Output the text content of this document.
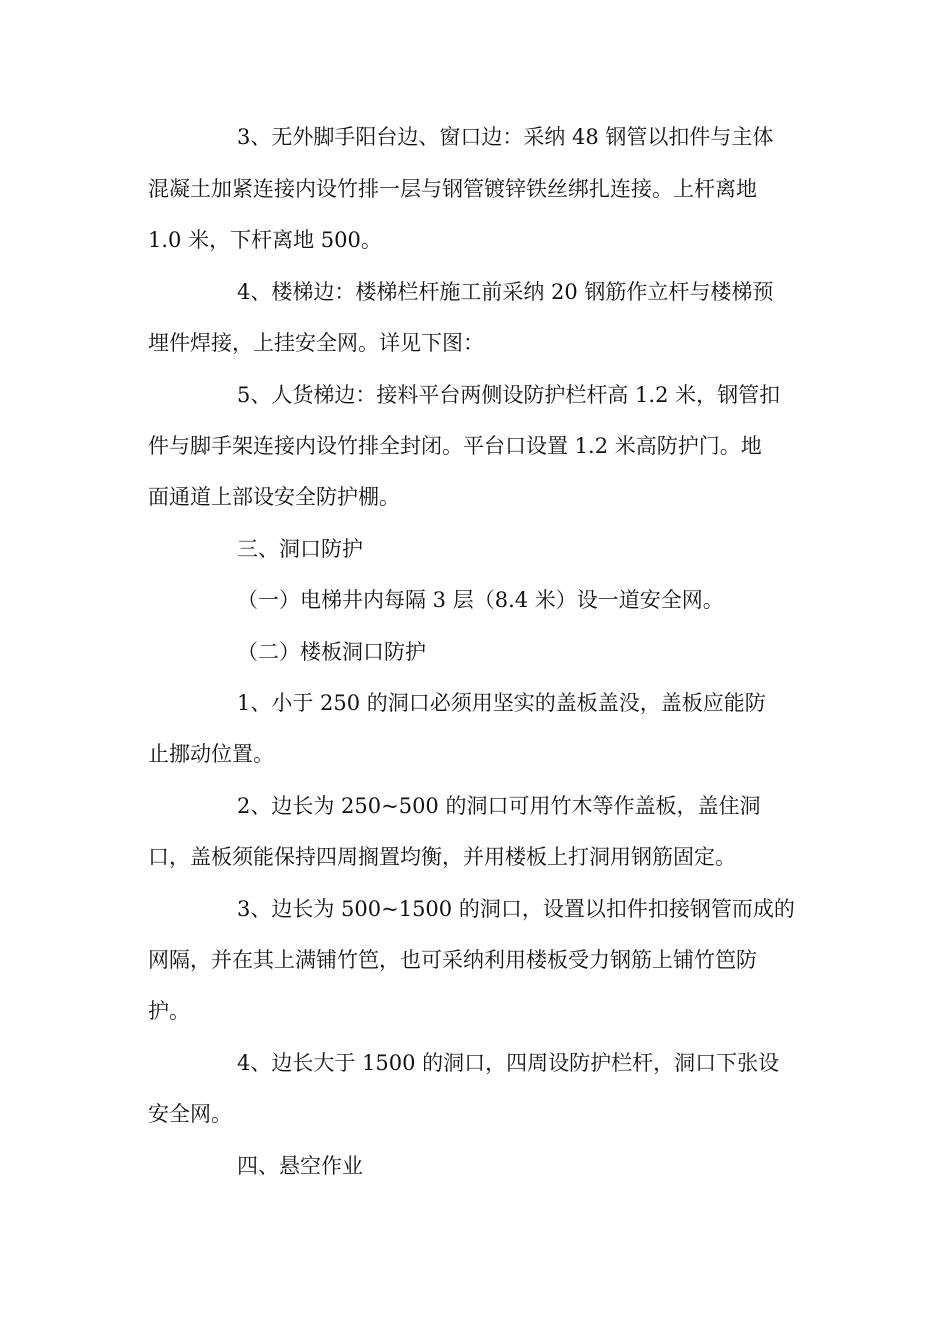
3、无外脚手阳台边、窗口边：采纳 48 钢管以扣件与主体
混凝土加紧连接内设竹排一层与钢管镀锌铁丝绑扎连接。上杆离地
1.0 米，下杆离地 500。
4、楼梯边：楼梯栏杆施工前采纳 20 钢筋作立杆与楼梯预
埋件焊接，上挂安全网。详见下图：
5、人货梯边：接料平台两侧设防护栏杆高 1.2 米，钢管扣
件与脚手架连接内设竹排全封闭。平台口设置 1.2 米高防护门。地
面通道上部设安全防护棚。
三、洞口防护
（一）电梯井内每隔 3 层（8.4 米）设一道安全网。
（二）楼板洞口防护
1、小于 250 的洞口必须用坚实的盖板盖没，盖板应能防
止挪动位置。
2、边长为 250~500 的洞口可用竹木等作盖板，盖住洞
口，盖板须能保持四周搁置均衡，并用楼板上打洞用钢筋固定。
3、边长为 500~1500 的洞口，设置以扣件扣接钢管而成的
网隔，并在其上满铺竹笆，也可采纳利用楼板受力钢筋上铺竹笆防
护。
4、边长大于 1500 的洞口，四周设防护栏杆，洞口下张设
安全网。
四、悬空作业
